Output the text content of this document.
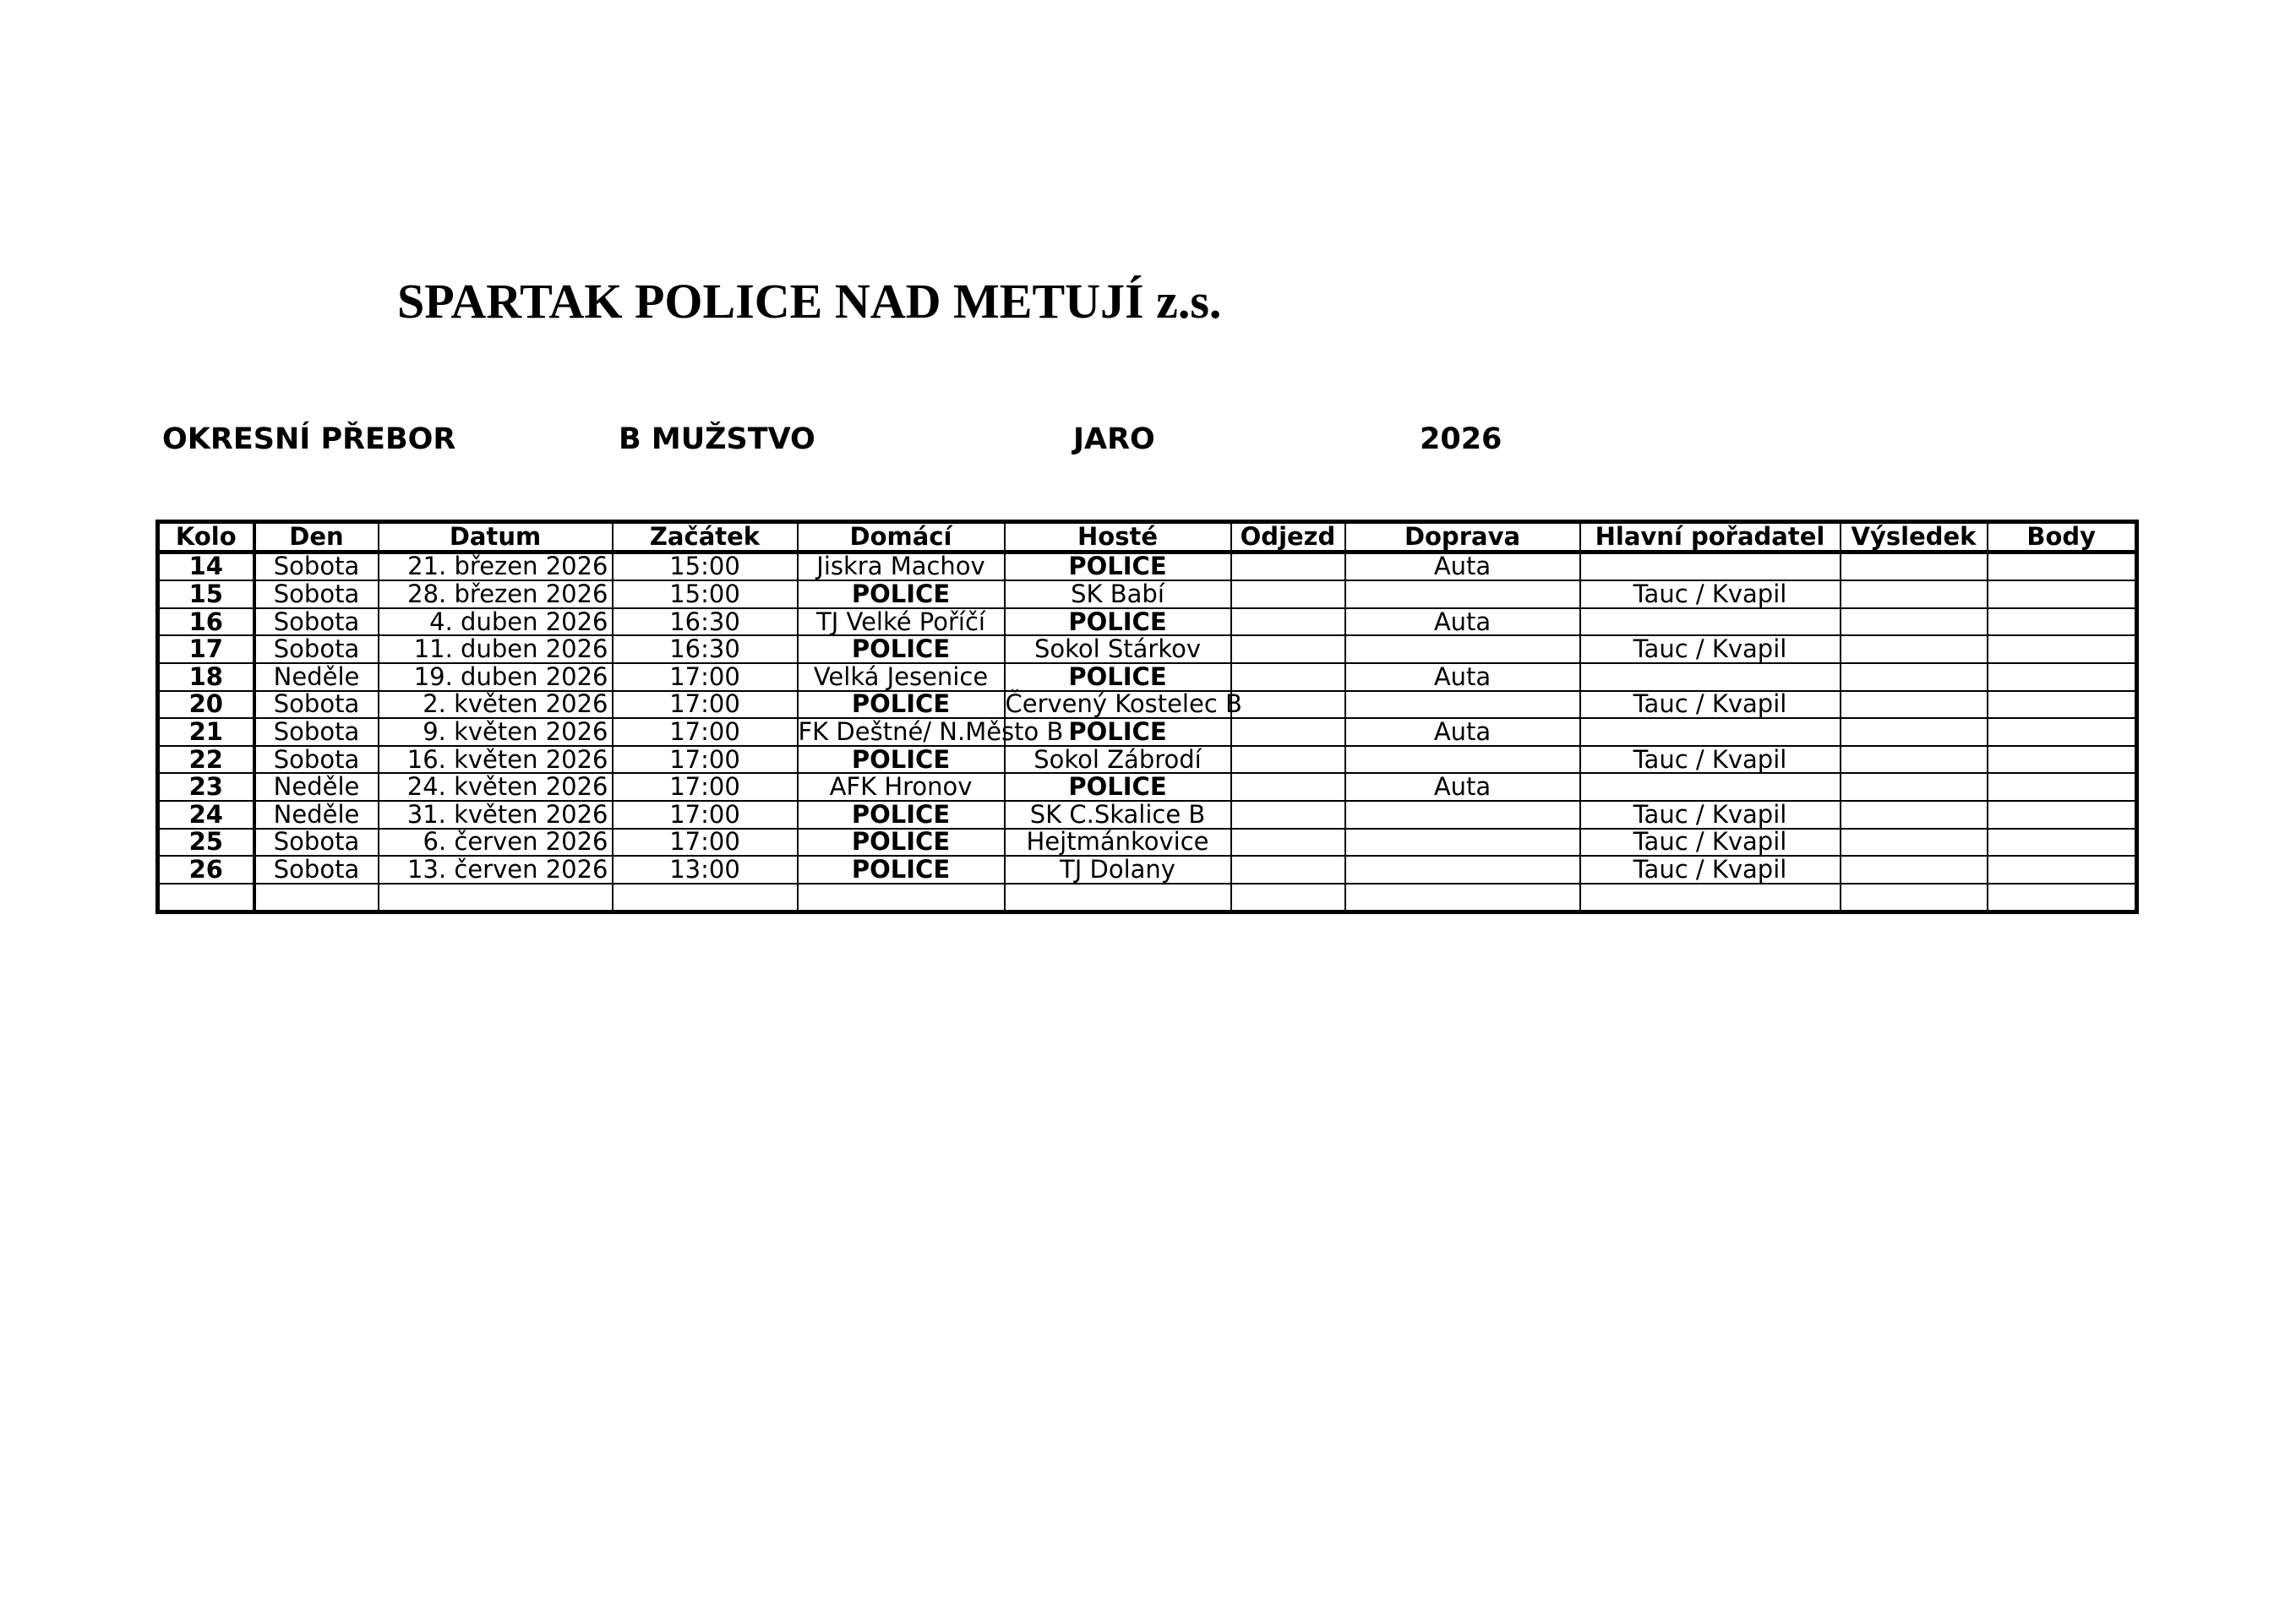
SPARTAK POLICE NAD METUJÍ z.s.
OKRESNÍ PŘEBOR	B MUŽSTVO	JARO	2026
Kolo	Den	Datum	Začátek	Domácí	Hosté	Odjezd	Doprava	Hlavní pořadatel	Výsledek	Body
14	Sobota	21. březen 2026	15:00	Jiskra Machov	POLICE		Auta			
15	Sobota	28. březen 2026	15:00	POLICE	SK Babí			Tauc / Kvapil		
16	Sobota	4. duben 2026	16:30	TJ Velké Poříčí	POLICE		Auta			
17	Sobota	11. duben 2026	16:30	POLICE	Sokol Stárkov			Tauc / Kvapil		
18	Neděle	19. duben 2026	17:00	Velká Jesenice	POLICE		Auta			
20	Sobota	2. květen 2026	17:00	POLICE	Červený Kostelec B			Tauc / Kvapil		
21	Sobota	9. květen 2026	17:00	FK Deštné/ N.Město B	POLICE		Auta			
22	Sobota	16. květen 2026	17:00	POLICE	Sokol Zábrodí			Tauc / Kvapil		
23	Neděle	24. květen 2026	17:00	AFK Hronov	POLICE		Auta			
24	Neděle	31. květen 2026	17:00	POLICE	SK C.Skalice B			Tauc / Kvapil		
25	Sobota	6. červen 2026	17:00	POLICE	Hejtmánkovice			Tauc / Kvapil		
26	Sobota	13. červen 2026	13:00	POLICE	TJ Dolany			Tauc / Kvapil		
